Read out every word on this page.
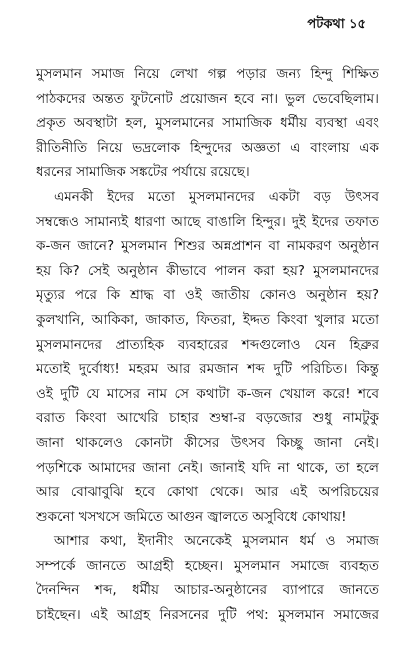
পটকথা ১৫

মুসলমান সমাজ নিয়ে লেখা গল্প পড়ার জন্য হিন্দু শিক্ষিত
পাঠকদের অন্তত ফুটনোট প্রয়োজন হবে না। ভুল ভেবেছিলাম।
প্রকৃত অবস্থাটা হল, মুসলমানের সামাজিক ধর্মীয় ব্যবস্থা এবং
রীতিনীতি নিয়ে ভদ্রলোক হিন্দুদের অজ্ঞতা এ বাংলায় এক
ধরনের সামাজিক সঙ্কটের পর্যায়ে রয়েছে।

এমনকী ইদের মতো মুসলমানদের একটা বড় উৎসব
সম্বন্ধেও সামান্যই ধারণা আছে বাঙালি হিন্দুর। দুই ইদের তফাত
ক-জন জানে? মুসলমান শিশুর অন্নপ্রাশন বা নামকরণ অনুষ্ঠান
হয় কি? সেই অনুষ্ঠান কীভাবে পালন করা হয়? মুসলমানদের
মৃত্যুর পরে কি শ্রাদ্ধ বা ওই জাতীয় কোনও অনুষ্ঠান হয়?
কুলখানি, আকিকা, জাকাত, ফিতরা, ইদ্দত কিংবা খুলার মতো
মুসলমানদের প্রাত্যহিক ব্যবহারের শব্দগুলোও যেন হিব্রুর
মতোই দুর্বোধ্য! মহরম আর রমজান শব্দ দুটি পরিচিত। কিন্তু
ওই দুটি যে মাসের নাম সে কথাটা ক-জন খেয়াল করে! শবে
বরাত কিংবা আখেরি চাহার শুম্বা-র বড়জোর শুধু নামটুকু
জানা থাকলেও কোনটা কীসের উৎসব কিচ্ছু জানা নেই।
পড়শিকে আমাদের জানা নেই। জানাই যদি না থাকে, তা হলে
আর বোঝাবুঝি হবে কোথা থেকে। আর এই অপরিচয়ের
শুকনো খসখসে জমিতে আগুন জ্বালতে অসুবিধে কোথায়!

আশার কথা, ইদানীং অনেকেই মুসলমান ধর্ম ও সমাজ
সম্পর্কে জানতে আগ্রহী হচ্ছেন। মুসলমান সমাজে ব্যবহৃত
দৈনন্দিন শব্দ, ধর্মীয় আচার-অনুষ্ঠানের ব্যাপারে জানতে
চাইছেন। এই আগ্রহ নিরসনের দুটি পথ: মুসলমান সমাজের
